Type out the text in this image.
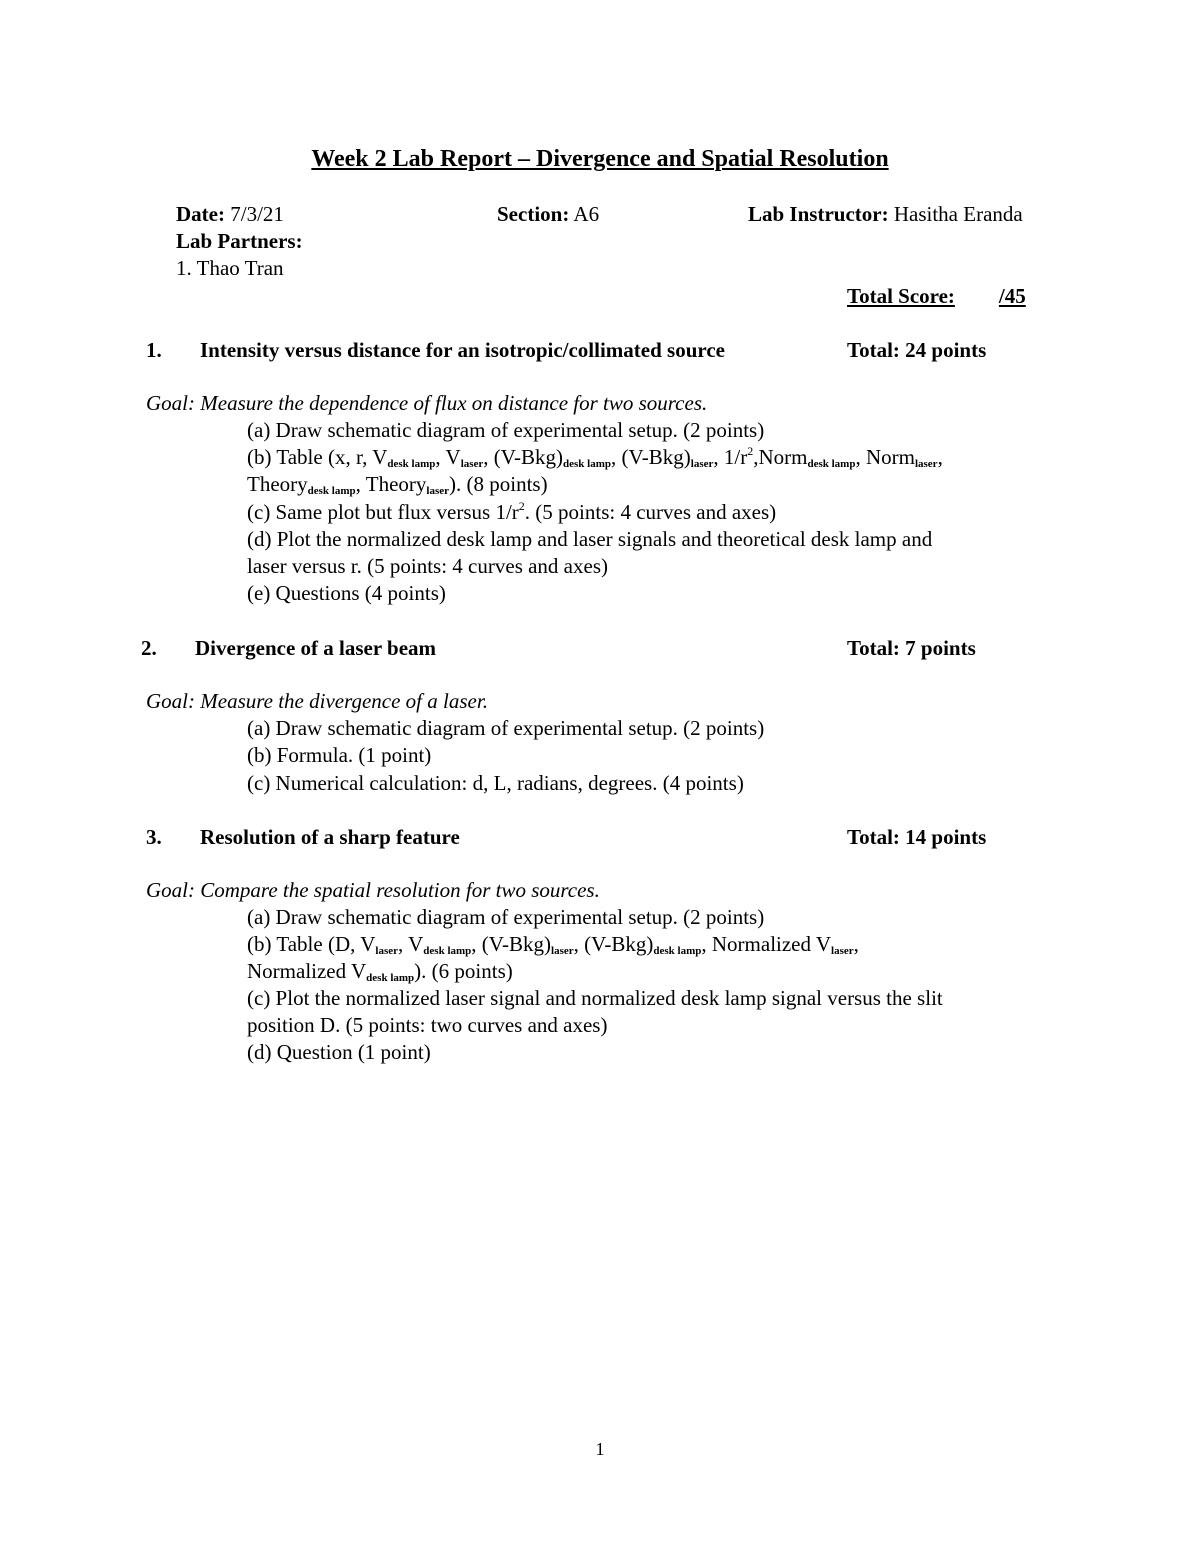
Week 2 Lab Report – Divergence and Spatial Resolution
Date: 7/3/21	Section: A6	Lab Instructor: Hasitha Eranda
Lab Partners:
1. Thao Tran
Total Score: /45
1. Intensity versus distance for an isotropic/collimated source	Total: 24 points
Goal: Measure the dependence of flux on distance for two sources.
(a) Draw schematic diagram of experimental setup. (2 points)
(b) Table (x, r, $V_{desk lamp}$, $V_{laser}$, $(V-Bkg)_{desk lamp}$, $(V-Bkg)_{laser}$, $1/r^2,Norm_{desk lamp}$, Norm$_{laser}$,
Theory$_{desk lamp}$, Theory$_{laser}$). (8 points)
(c) Same plot but flux versus $1/r^2$. (5 points: 4 curves and axes)
(d) Plot the normalized desk lamp and laser signals and theoretical desk lamp and
laser versus r. (5 points: 4 curves and axes)
(e) Questions (4 points)
2. Divergence of a laser beam	Total: 7 points
Goal: Measure the divergence of a laser.
(a) Draw schematic diagram of experimental setup. (2 points)
(b) Formula. (1 point)
(c) Numerical calculation: d, L, radians, degrees. (4 points)
3. Resolution of a sharp feature	Total: 14 points
Goal: Compare the spatial resolution for two sources.
(a) Draw schematic diagram of experimental setup. (2 points)
(b) Table (D, $V_{laser}$, $V_{desk lamp}$, $(V-Bkg)_{laser}$, $(V-Bkg)_{desk lamp}$, Normalized $V_{laser}$,
Normalized $V_{desk lamp}$). (6 points)
(c) Plot the normalized laser signal and normalized desk lamp signal versus the slit
position D. (5 points: two curves and axes)
(d) Question (1 point)
1
